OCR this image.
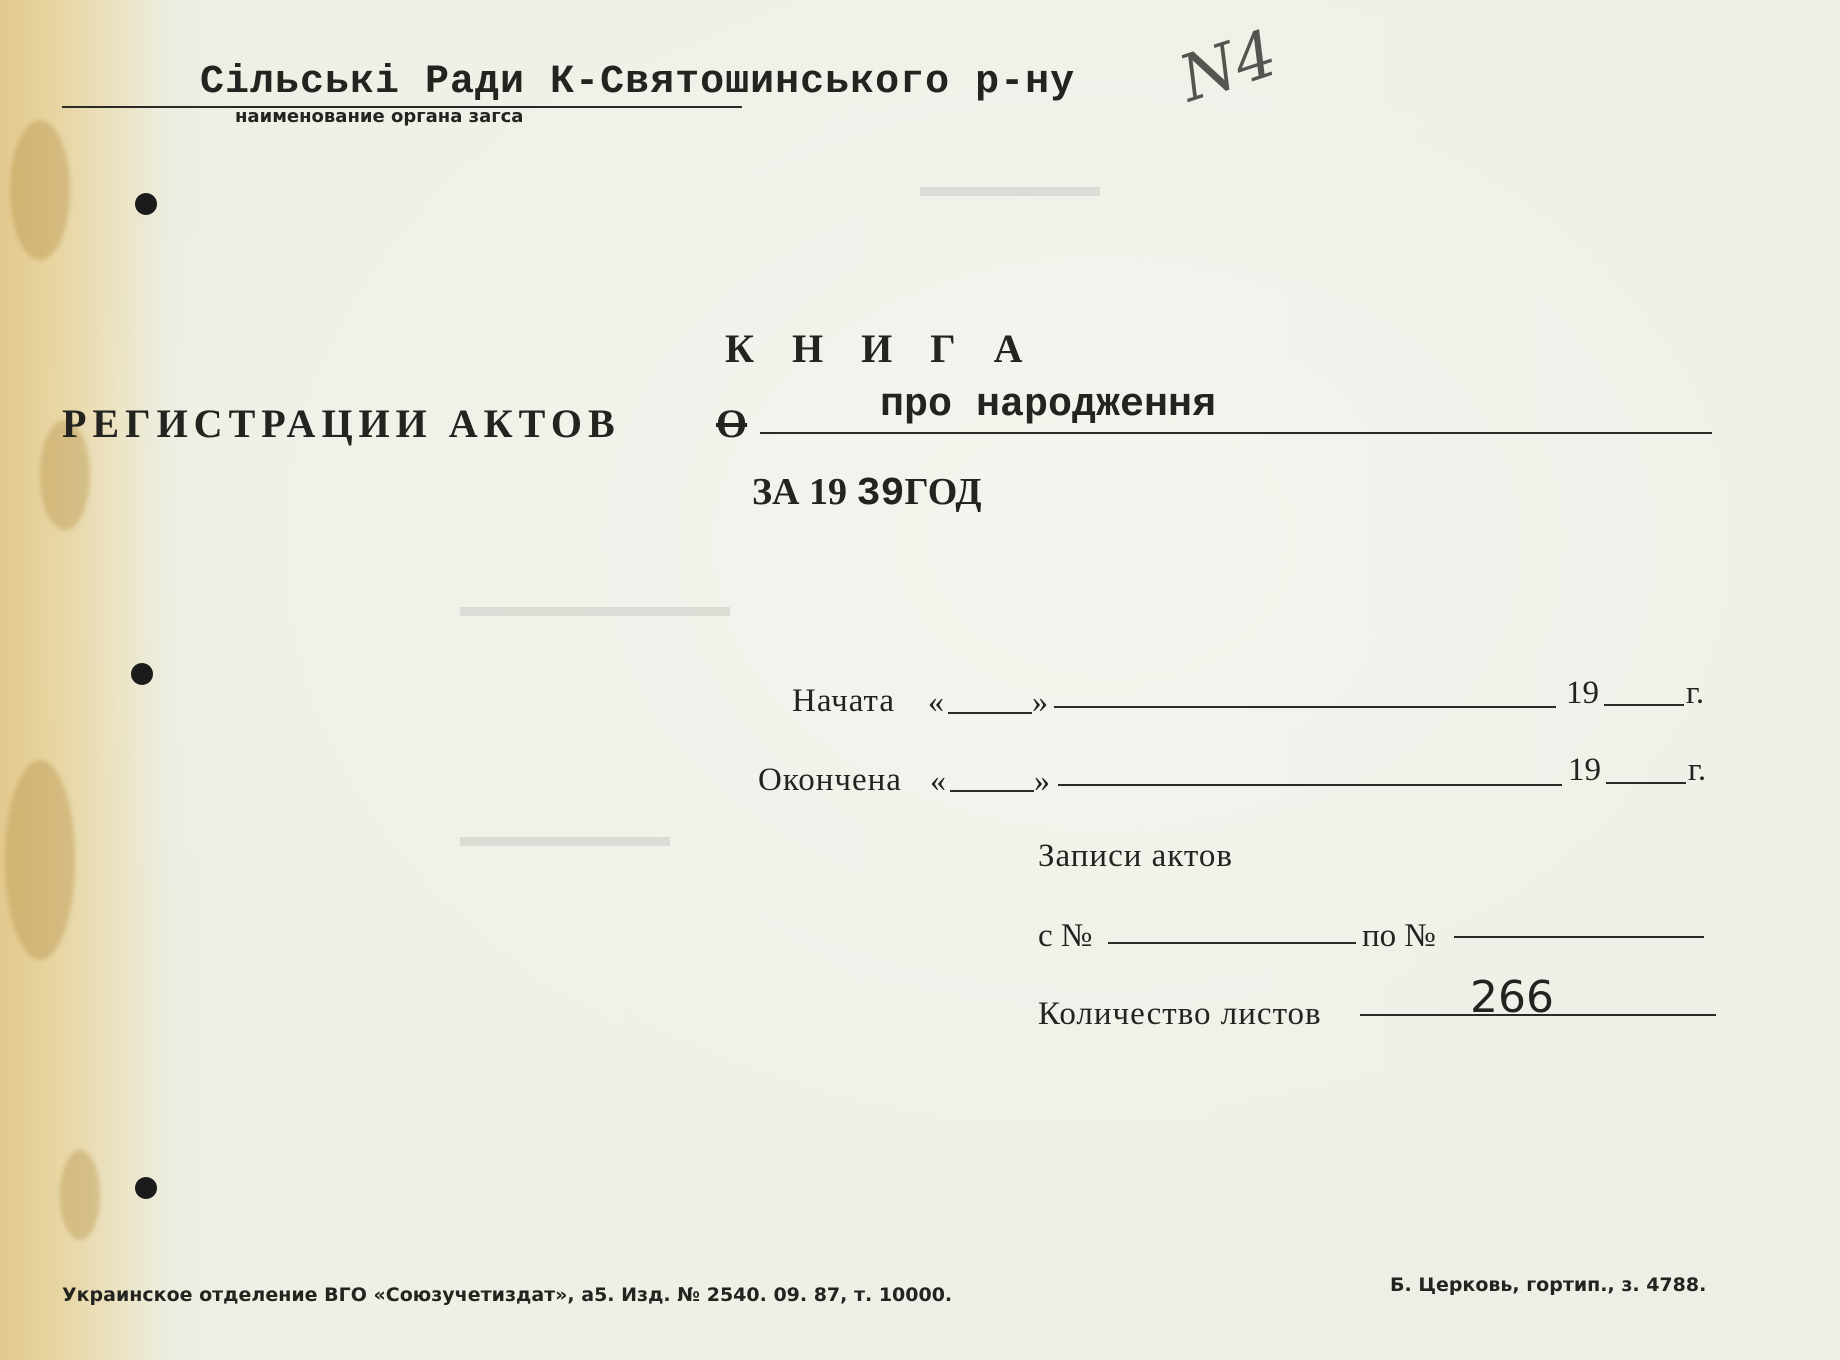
▬▬▬▬▬▬
▬▬▬▬▬▬▬▬▬
▬▬▬▬▬▬▬
Сільські Ради К-Святошинського р-ну
наименование органа загса	N4
К Н И Г А
РЕГИСТРАЦИИ АКТОВ О	про народження
ЗА 19 39ГОД
Начата «	»	19	г.
Окончена «	»	19	г.
Записи актов
с №	по №
Количество листов	266
Украинское отделение ВГО «Союзучетиздат», а5. Изд. № 2540. 09. 87, т. 10000.	Б. Церковь, гортип., з. 4788.
